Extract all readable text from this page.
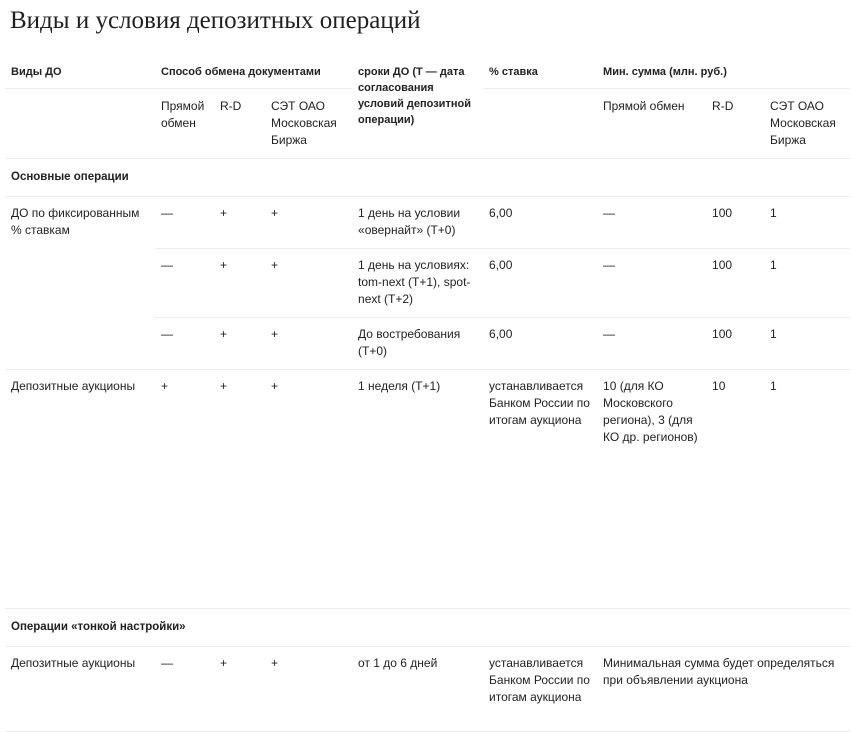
Виды и условия депозитных операций
Виды ДО	Способ обмена документами			сроки ДО (Т — дата согласования условий депозитной операции)	% ставка	Мин. сумма (млн. руб.)		
	Прямой обмен	R-D	СЭТ ОАО Московская Биржа			Прямой обмен	R-D	СЭТ ОАО Московская Биржа
Основные операции								
ДО по фиксированным % ставкам	—	+	+	1 день на условии «овернайт» (Т+0)	6,00	—	100	1
	—	+	+	1 день на условиях: tom-next (Т+1), spot-next (Т+2)	6,00	—	100	1
	—	+	+	До востребования (Т+0)	6,00	—	100	1
Депозитные аукционы	+	+	+	1 неделя (Т+1)	устанавливается Банком России по итогам аукциона	10 (для КО Московского региона), 3 (для КО др. регионов)	10	1
Операции «тонкой настройки»								
Депозитные аукционы	—	+	+	от 1 до 6 дней	устанавливается Банком России по итогам аукциона	Минимальная сумма будет определяться при объявлении аукциона		
